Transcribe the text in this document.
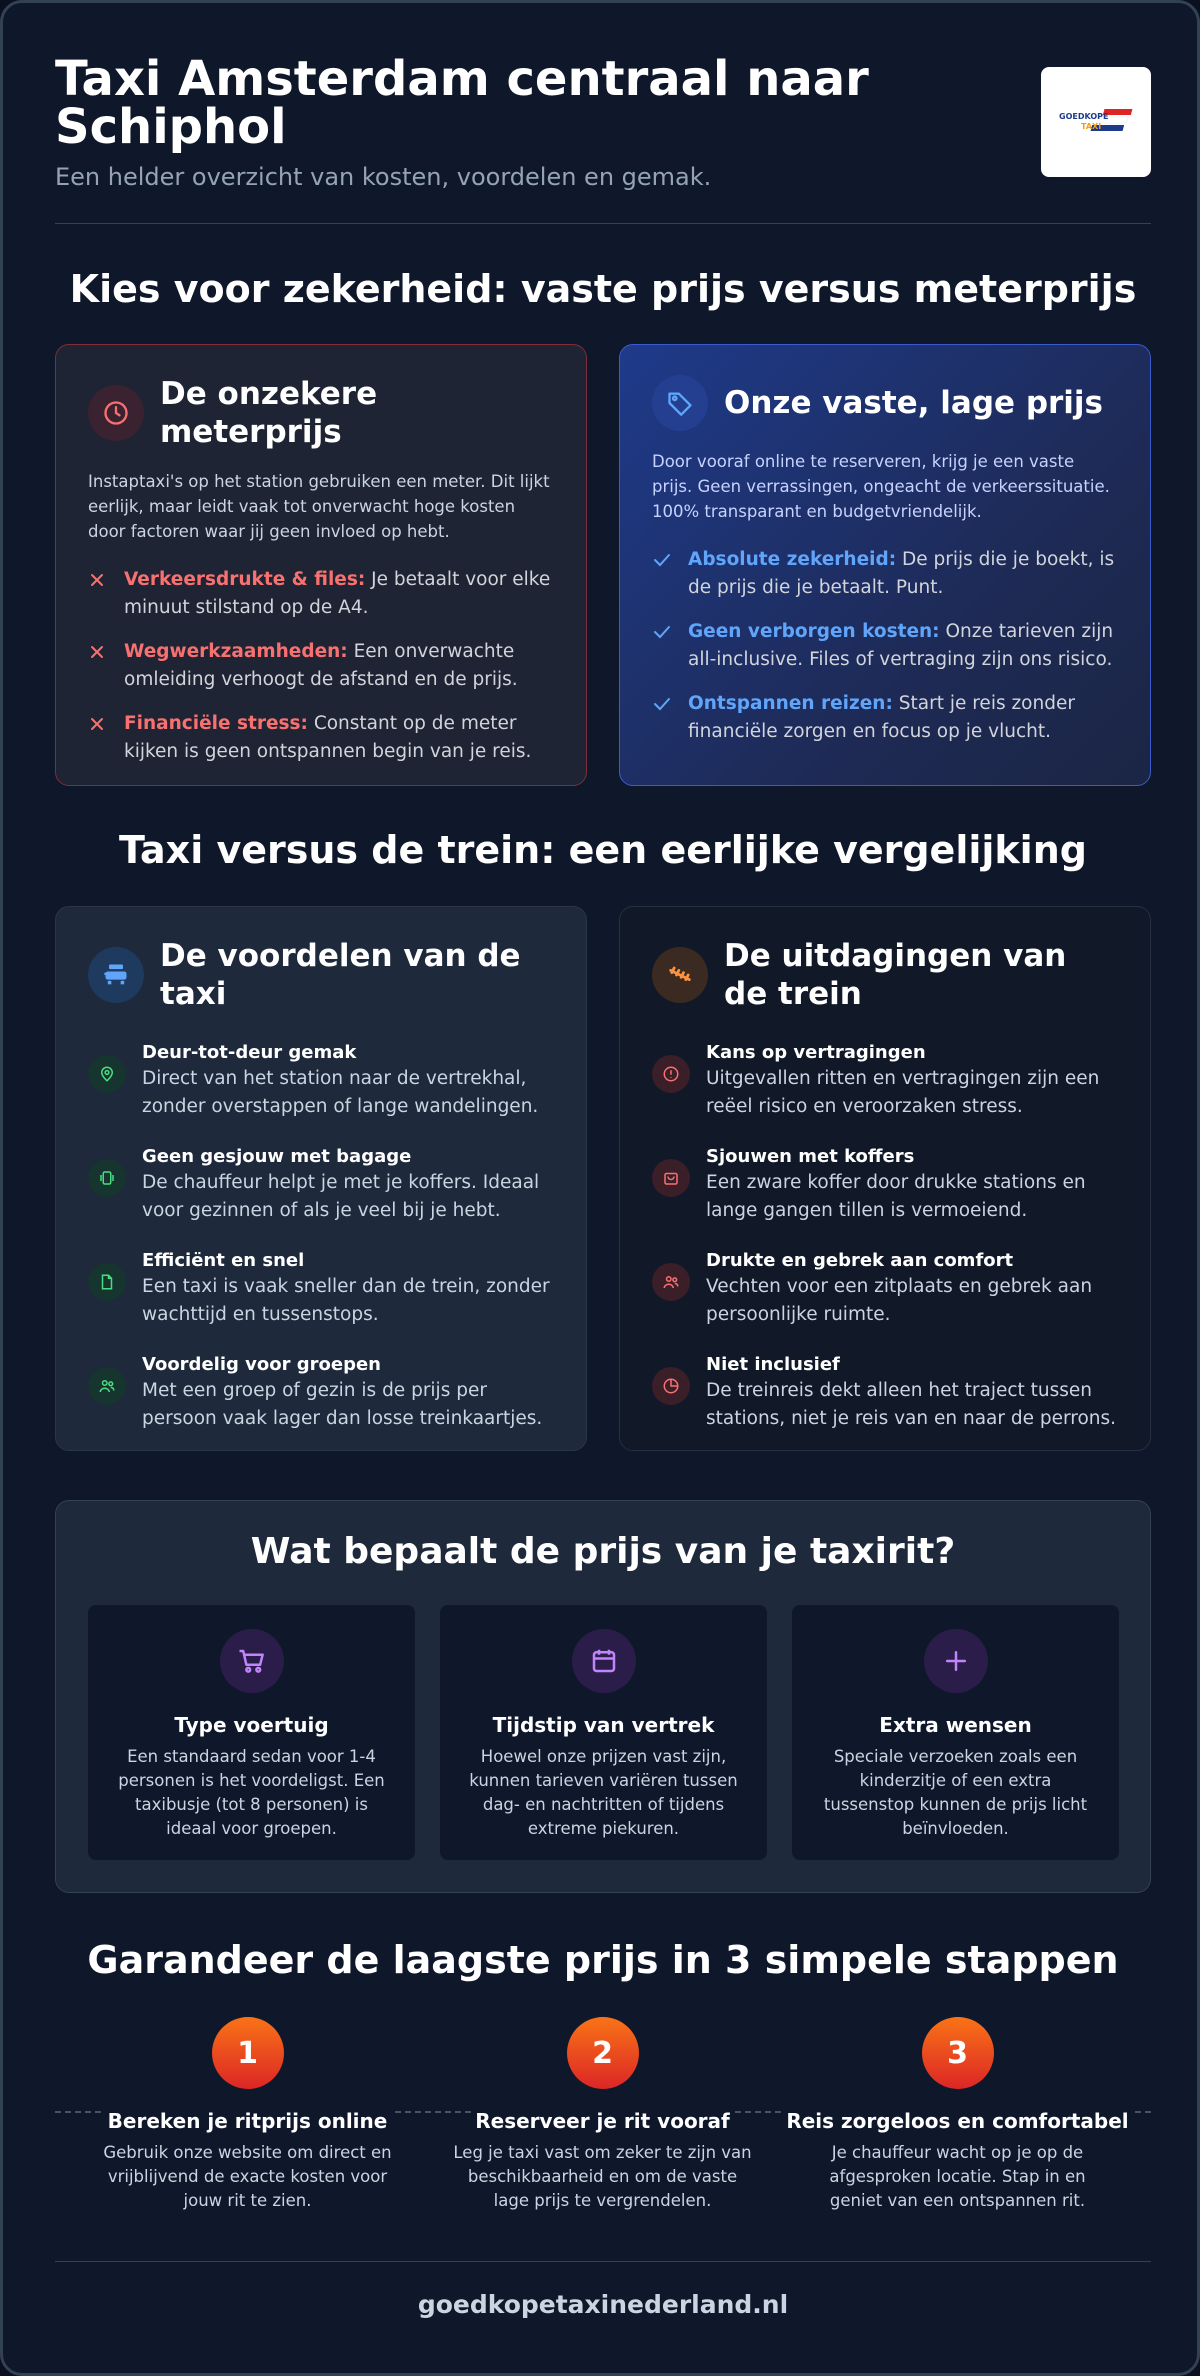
Taxi Amsterdam centraal naar Schiphol
Een helder overzicht van kosten, voordelen en gemak.
GOEDKOPE
TAXI
Kies voor zekerheid: vaste prijs versus meterprijs
De onzekere meterprijs
Instaptaxi's op het station gebruiken een meter. Dit lijkt eerlijk, maar leidt vaak tot onverwacht hoge kosten door factoren waar jij geen invloed op hebt.
Verkeersdrukte & files: Je betaalt voor elke minuut stilstand op de A4.
Wegwerkzaamheden: Een onverwachte omleiding verhoogt de afstand en de prijs.
Financiële stress: Constant op de meter kijken is geen ontspannen begin van je reis.
Onze vaste, lage prijs
Door vooraf online te reserveren, krijg je een vaste prijs. Geen verrassingen, ongeacht de verkeerssituatie. 100% transparant en budgetvriendelijk.
Absolute zekerheid: De prijs die je boekt, is de prijs die je betaalt. Punt.
Geen verborgen kosten: Onze tarieven zijn all-inclusive. Files of vertraging zijn ons risico.
Ontspannen reizen: Start je reis zonder financiële zorgen en focus op je vlucht.
Taxi versus de trein: een eerlijke vergelijking
De voordelen van de taxi
Deur-tot-deur gemak
Direct van het station naar de vertrekhal, zonder overstappen of lange wandelingen.
Geen gesjouw met bagage
De chauffeur helpt je met je koffers. Ideaal voor gezinnen of als je veel bij je hebt.
Efficiënt en snel
Een taxi is vaak sneller dan de trein, zonder wachttijd en tussenstops.
Voordelig voor groepen
Met een groep of gezin is de prijs per persoon vaak lager dan losse treinkaartjes.
De uitdagingen van de trein
Kans op vertragingen
Uitgevallen ritten en vertragingen zijn een reëel risico en veroorzaken stress.
Sjouwen met koffers
Een zware koffer door drukke stations en lange gangen tillen is vermoeiend.
Drukte en gebrek aan comfort
Vechten voor een zitplaats en gebrek aan persoonlijke ruimte.
Niet inclusief
De treinreis dekt alleen het traject tussen stations, niet je reis van en naar de perrons.
Wat bepaalt de prijs van je taxirit?
Type voertuig
Een standaard sedan voor 1-4 personen is het voordeligst. Een taxibusje (tot 8 personen) is ideaal voor groepen.
Tijdstip van vertrek
Hoewel onze prijzen vast zijn, kunnen tarieven variëren tussen dag- en nachtritten of tijdens extreme piekuren.
Extra wensen
Speciale verzoeken zoals een kinderzitje of een extra tussenstop kunnen de prijs licht beïnvloeden.
Garandeer de laagste prijs in 3 simpele stappen
1
Bereken je ritprijs online
Gebruik onze website om direct en vrijblijvend de exacte kosten voor jouw rit te zien.
2
Reserveer je rit vooraf
Leg je taxi vast om zeker te zijn van beschikbaarheid en om de vaste lage prijs te vergrendelen.
3
Reis zorgeloos en comfortabel
Je chauffeur wacht op je op de afgesproken locatie. Stap in en geniet van een ontspannen rit.
goedkopetaxinederland.nl
